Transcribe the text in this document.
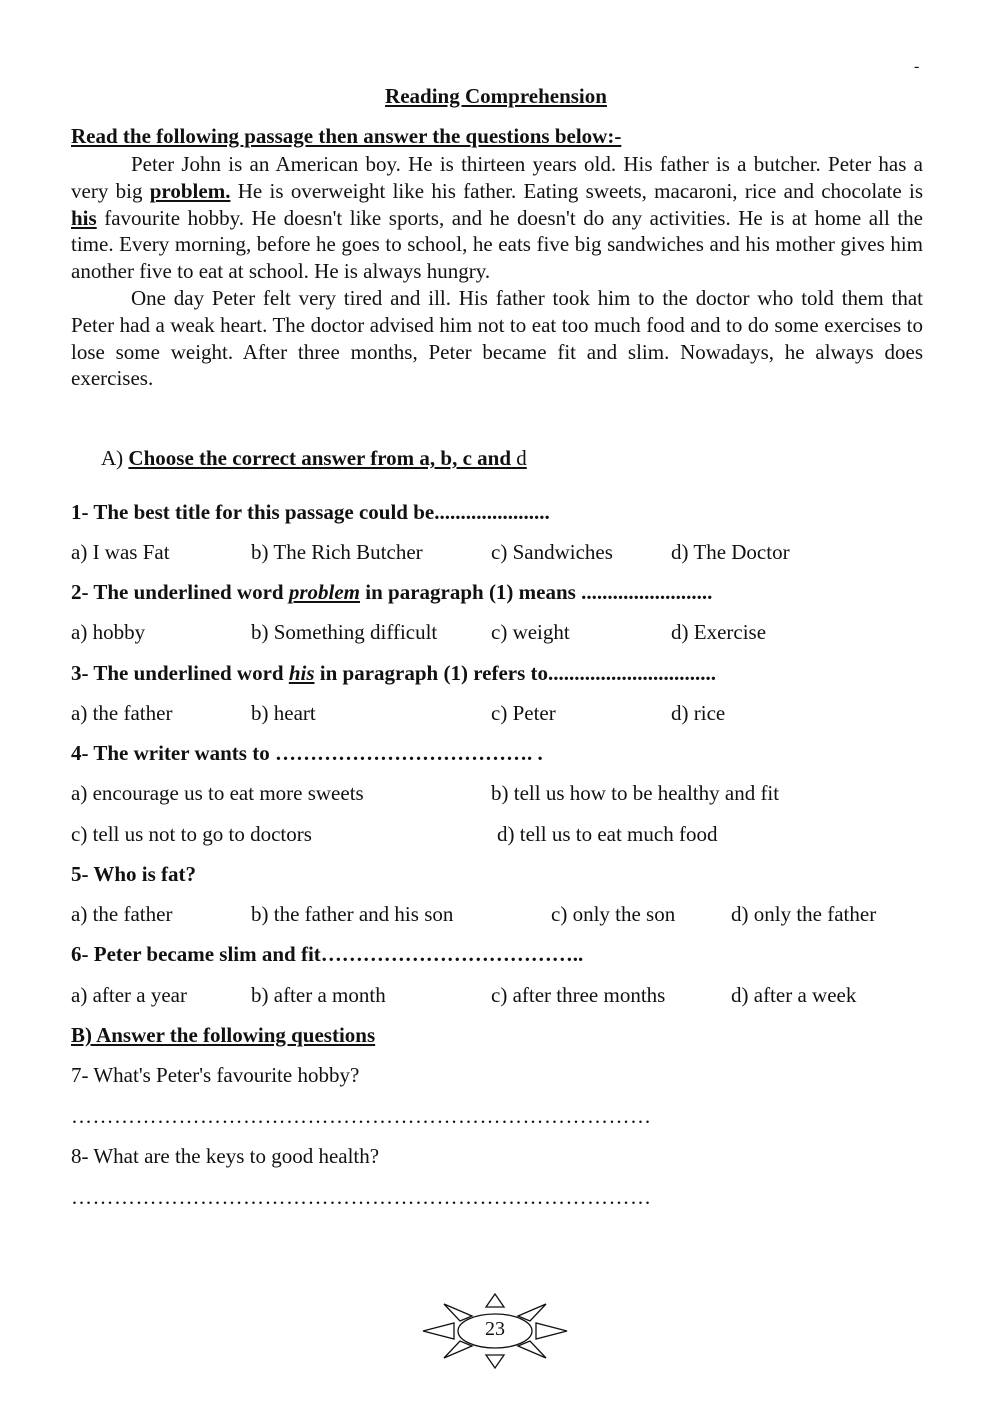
-
Reading Comprehension
Read the following passage then answer the questions below:-

Peter John is an American boy. He is thirteen years old. His father is a butcher. Peter has a very big problem. He is overweight like his father. Eating sweets, macaroni, rice and chocolate is his favourite hobby. He doesn't like sports, and he doesn't do any activities. He is at home all the time. Every morning, before he goes to school, he eats five big sandwiches and his mother gives him another five to eat at school. He is always hungry.

One day Peter felt very tired and ill. His father took him to the doctor who told them that Peter had a weak heart. The doctor advised him not to eat too much food and to do some exercises to lose some weight. After three months, Peter became fit and slim. Nowadays, he always does exercises.

A) Choose the correct answer from a, b, c and d
1- The best title for this passage could be......................
a) I was Fat	b) The Rich Butcher	c) Sandwiches	d) The Doctor
2- The underlined word problem in paragraph (1) means .........................
a) hobby	b) Something difficult	c) weight	d) Exercise
3- The underlined word his in paragraph (1) refers to................................
a) the father	b) heart	c) Peter	d) rice
4- The writer wants to ………………………………. .
a) encourage us to eat more sweets	b) tell us how to be healthy and fit
c) tell us not to go to doctors	d) tell us to eat much food
5- Who is fat?
a) the father	b) the father and his son	c) only the son	d) only the father
6- Peter became slim and fit………………………………..
a) after a year	b) after a month	c) after three months	d) after a week
B) Answer the following questions
7- What's Peter's favourite hobby?
………………………………………………………………………
8- What are the keys to good health?
………………………………………………………………………
23
